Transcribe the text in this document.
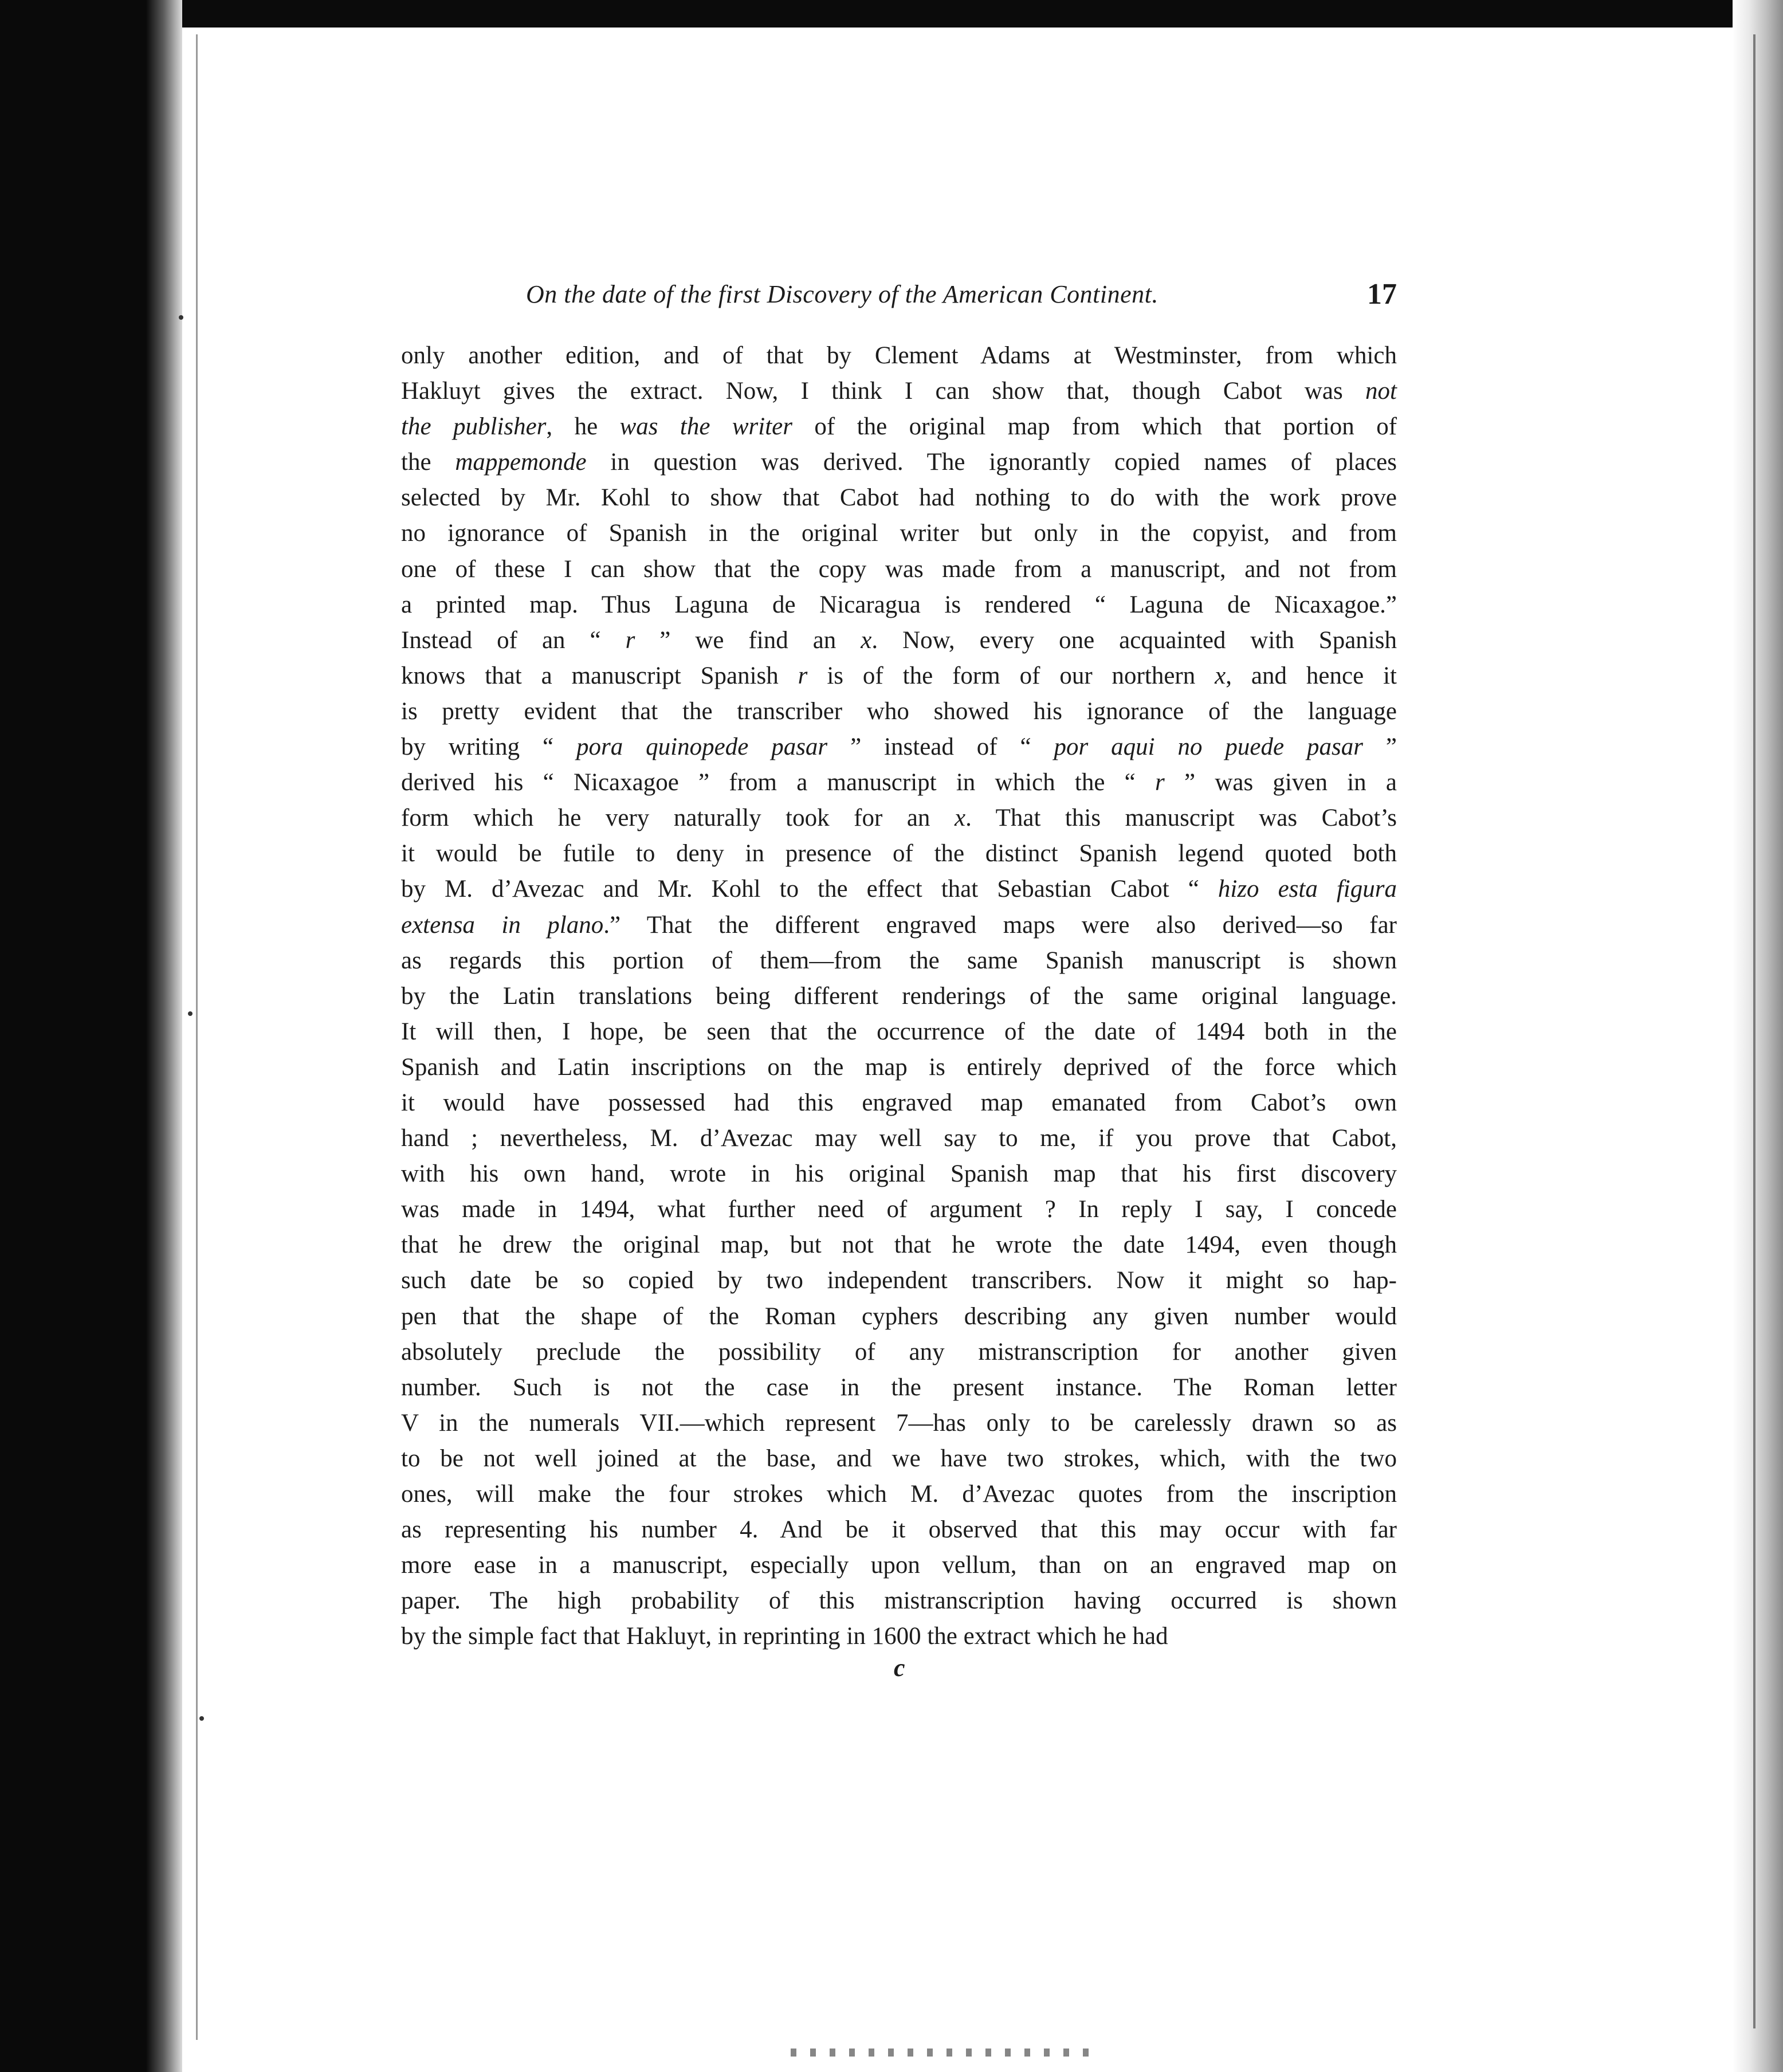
On the date of the first Discovery of the American Continent.	17
only another edition, and of that by Clement Adams at Westminster, from which
Hakluyt gives the extract. Now, I think I can show that, though Cabot was not
the publisher, he was the writer of the original map from which that portion of
the mappemonde in question was derived. The ignorantly copied names of places
selected by Mr. Kohl to show that Cabot had nothing to do with the work prove
no ignorance of Spanish in the original writer but only in the copyist, and from
one of these I can show that the copy was made from a manuscript, and not from
a printed map. Thus Laguna de Nicaragua is rendered “ Laguna de Nicaxagoe.”
Instead of an “ r ” we find an x. Now, every one acquainted with Spanish
knows that a manuscript Spanish r is of the form of our northern x, and hence it
is pretty evident that the transcriber who showed his ignorance of the language
by writing “ pora quinopede pasar ” instead of “ por aqui no puede pasar ”
derived his “ Nicaxagoe ” from a manuscript in which the “ r ” was given in a
form which he very naturally took for an x. That this manuscript was Cabot’s
it would be futile to deny in presence of the distinct Spanish legend quoted both
by M. d’Avezac and Mr. Kohl to the effect that Sebastian Cabot “ hizo esta figura
extensa in plano.” That the different engraved maps were also derived—so far
as regards this portion of them—from the same Spanish manuscript is shown
by the Latin translations being different renderings of the same original language.
It will then, I hope, be seen that the occurrence of the date of 1494 both in the
Spanish and Latin inscriptions on the map is entirely deprived of the force which
it would have possessed had this engraved map emanated from Cabot’s own
hand ; nevertheless, M. d’Avezac may well say to me, if you prove that Cabot,
with his own hand, wrote in his original Spanish map that his first discovery
was made in 1494, what further need of argument ? In reply I say, I concede
that he drew the original map, but not that he wrote the date 1494, even though
such date be so copied by two independent transcribers. Now it might so hap-
pen that the shape of the Roman cyphers describing any given number would
absolutely preclude the possibility of any mistranscription for another given
number. Such is not the case in the present instance. The Roman letter
V in the numerals VII.—which represent 7—has only to be carelessly drawn so as
to be not well joined at the base, and we have two strokes, which, with the two
ones, will make the four strokes which M. d’Avezac quotes from the inscription
as representing his number 4. And be it observed that this may occur with far
more ease in a manuscript, especially upon vellum, than on an engraved map on
paper. The high probability of this mistranscription having occurred is shown
by the simple fact that Hakluyt, in reprinting in 1600 the extract which he had
c
